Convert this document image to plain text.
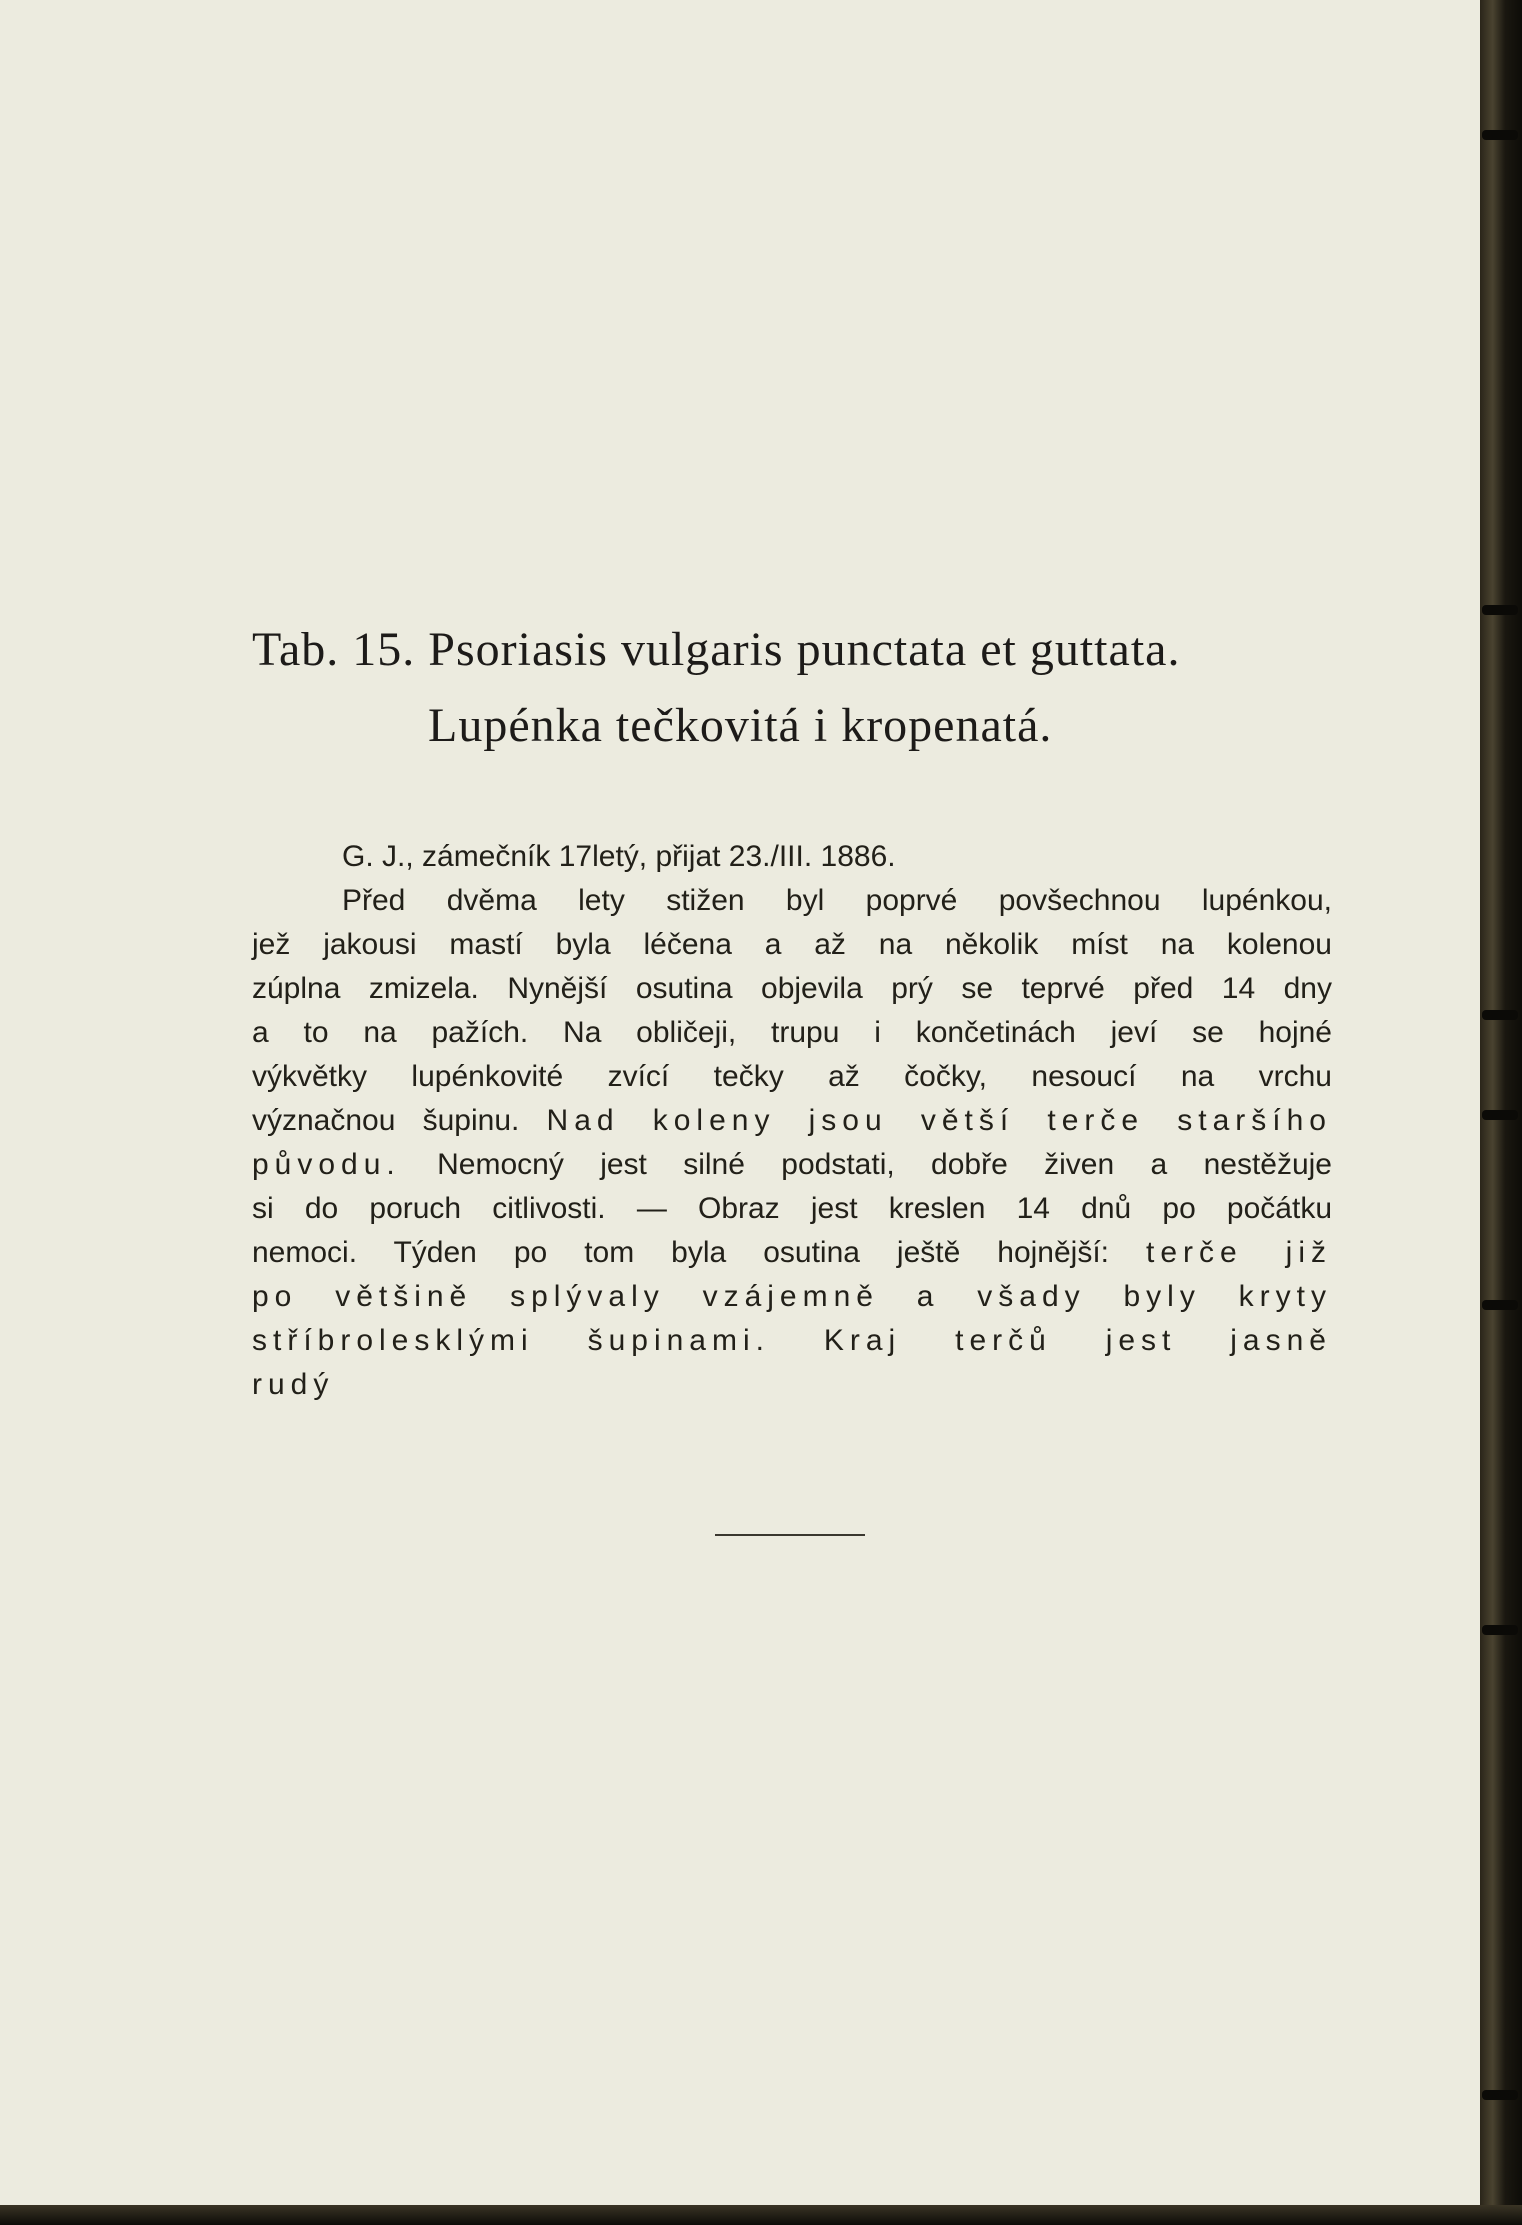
Tab. 15. Psoriasis vulgaris punctata et guttata.
Lupénka tečkovitá i kropenatá.
G. J., zámečník 17letý, přijat 23./III. 1886.
Před dvěma lety stižen byl poprvé povšechnou lupénkou,
jež jakousi mastí byla léčena a až na několik míst na kolenou
zúplna zmizela. Nynější osutina objevila prý se teprvé před 14 dny
a to na pažích. Na obličeji, trupu i končetinách jeví se hojné
výkvětky lupénkovité zvící tečky až čočky, nesoucí na vrchu
význačnou šupinu. Nad koleny jsou větší terče staršího
původu. Nemocný jest silné podstati, dobře živen a nestěžuje
si do poruch citlivosti. — Obraz jest kreslen 14 dnů po počátku
nemoci. Týden po tom byla osutina ještě hojnější: terče již
po většině splývaly vzájemně a všady byly kryty
stříbrolesklými šupinami. Kraj terčů jest jasně
rudý
